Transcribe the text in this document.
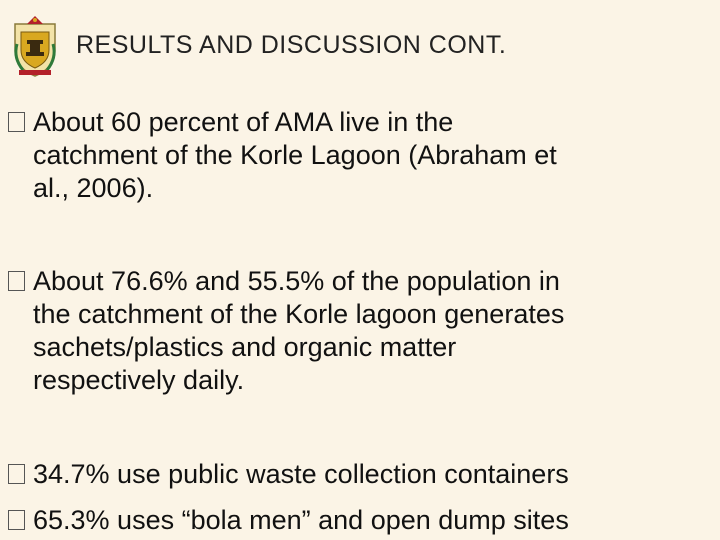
RESULTS AND DISCUSSION CONT.
About 60 percent of AMA live in the
catchment of the Korle Lagoon (Abraham et
al., 2006).
About 76.6% and 55.5% of the population in
the catchment of the Korle lagoon generates
sachets/plastics and organic matter
respectively daily.
34.7% use public waste collection containers
65.3% uses “bola men” and open dump sites
